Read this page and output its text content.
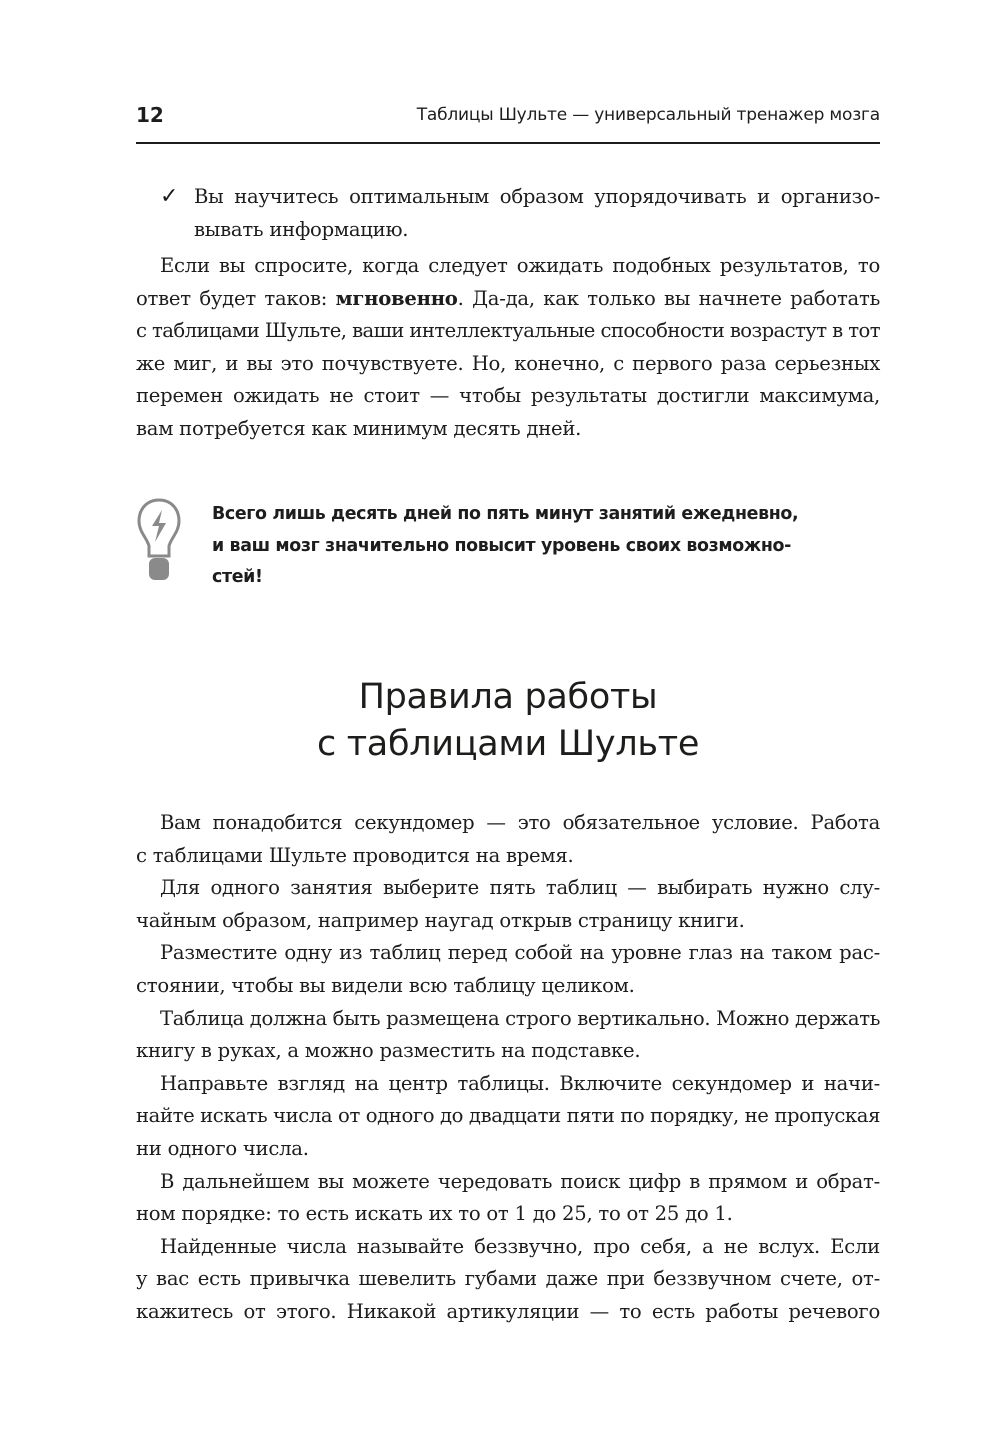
12	Таблицы Шульте — универсальный тренажер мозга
✓ Вы научитесь оптимальным образом упорядочивать и организо-
вывать информацию.
Если вы спросите, когда следует ожидать подобных результатов, то
ответ будет таков: мгновенно. Да-да, как только вы начнете работать
с таблицами Шульте, ваши интеллектуальные способности возрастут в тот
же миг, и вы это почувствуете. Но, конечно, с первого раза серьезных
перемен ожидать не стоит — чтобы результаты достигли максимума,
вам потребуется как минимум десять дней.
Всего лишь десять дней по пять минут занятий ежедневно,
и ваш мозг значительно повысит уровень своих возможно-
стей!
Правила работы
с таблицами Шульте
Вам понадобится секундомер — это обязательное условие. Работа
с таблицами Шульте проводится на время.
Для одного занятия выберите пять таблиц — выбирать нужно слу-
чайным образом, например наугад открыв страницу книги.
Разместите одну из таблиц перед собой на уровне глаз на таком рас-
стоянии, чтобы вы видели всю таблицу целиком.
Таблица должна быть размещена строго вертикально. Можно держать
книгу в руках, а можно разместить на подставке.
Направьте взгляд на центр таблицы. Включите секундомер и начи-
найте искать числа от одного до двадцати пяти по порядку, не пропуская
ни одного числа.
В дальнейшем вы можете чередовать поиск цифр в прямом и обрат-
ном порядке: то есть искать их то от 1 до 25, то от 25 до 1.
Найденные числа называйте беззвучно, про себя, а не вслух. Если
у вас есть привычка шевелить губами даже при беззвучном счете, от-
кажитесь от этого. Никакой артикуляции — то есть работы речевого
